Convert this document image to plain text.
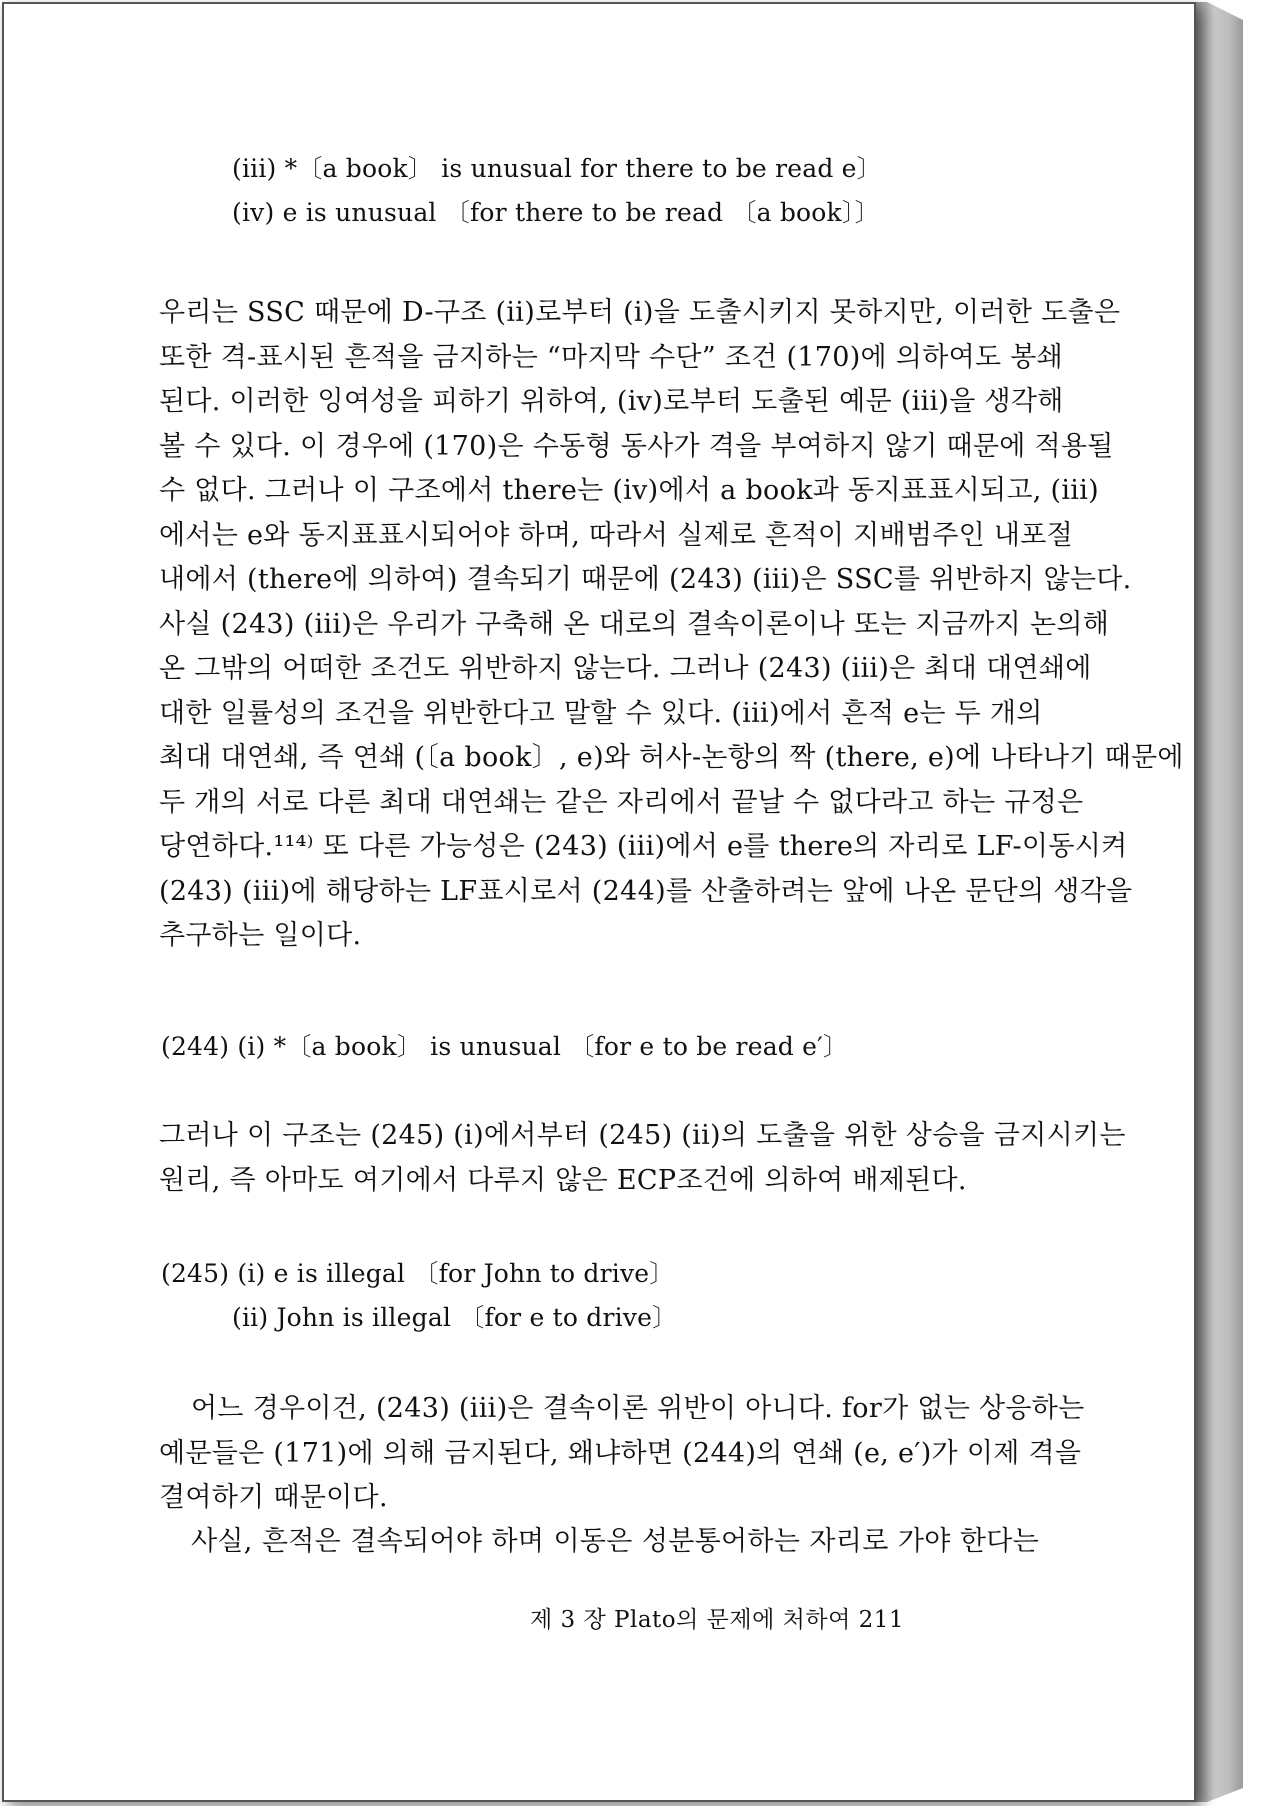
(iii) *〔a book〕 is unusual for there to be read e〕
(iv) e is unusual 〔for there to be read 〔a book〕〕
우리는 SSC 때문에 D-구조 (ii)로부터 (i)을 도출시키지 못하지만, 이러한 도출은
또한 격-표시된 흔적을 금지하는 “마지막 수단” 조건 (170)에 의하여도 봉쇄
된다. 이러한 잉여성을 피하기 위하여, (iv)로부터 도출된 예문 (iii)을 생각해
볼 수 있다. 이 경우에 (170)은 수동형 동사가 격을 부여하지 않기 때문에 적용될
수 없다. 그러나 이 구조에서 there는 (iv)에서 a book과 동지표표시되고, (iii)
에서는 e와 동지표표시되어야 하며, 따라서 실제로 흔적이 지배범주인 내포절
내에서 (there에 의하여) 결속되기 때문에 (243) (iii)은 SSC를 위반하지 않는다.
사실 (243) (iii)은 우리가 구축해 온 대로의 결속이론이나 또는 지금까지 논의해
온 그밖의 어떠한 조건도 위반하지 않는다. 그러나 (243) (iii)은 최대 대연쇄에
대한 일률성의 조건을 위반한다고 말할 수 있다. (iii)에서 흔적 e는 두 개의
최대 대연쇄, 즉 연쇄 (〔a book〕, e)와 허사-논항의 짝 (there, e)에 나타나기 때문에
두 개의 서로 다른 최대 대연쇄는 같은 자리에서 끝날 수 없다라고 하는 규정은
당연하다.¹¹⁴⁾ 또 다른 가능성은 (243) (iii)에서 e를 there의 자리로 LF-이동시켜
(243) (iii)에 해당하는 LF표시로서 (244)를 산출하려는 앞에 나온 문단의 생각을
추구하는 일이다.
(244) (i) *〔a book〕 is unusual 〔for e to be read e′〕
그러나 이 구조는 (245) (i)에서부터 (245) (ii)의 도출을 위한 상승을 금지시키는
원리, 즉 아마도 여기에서 다루지 않은 ECP조건에 의하여 배제된다.
(245) (i) e is illegal 〔for John to drive〕
(ii) John is illegal 〔for e to drive〕
어느 경우이건, (243) (iii)은 결속이론 위반이 아니다. for가 없는 상응하는
예문들은 (171)에 의해 금지된다, 왜냐하면 (244)의 연쇄 (e, e′)가 이제 격을
결여하기 때문이다.
사실, 흔적은 결속되어야 하며 이동은 성분통어하는 자리로 가야 한다는
제 3 장 Plato의 문제에 처하여 211
